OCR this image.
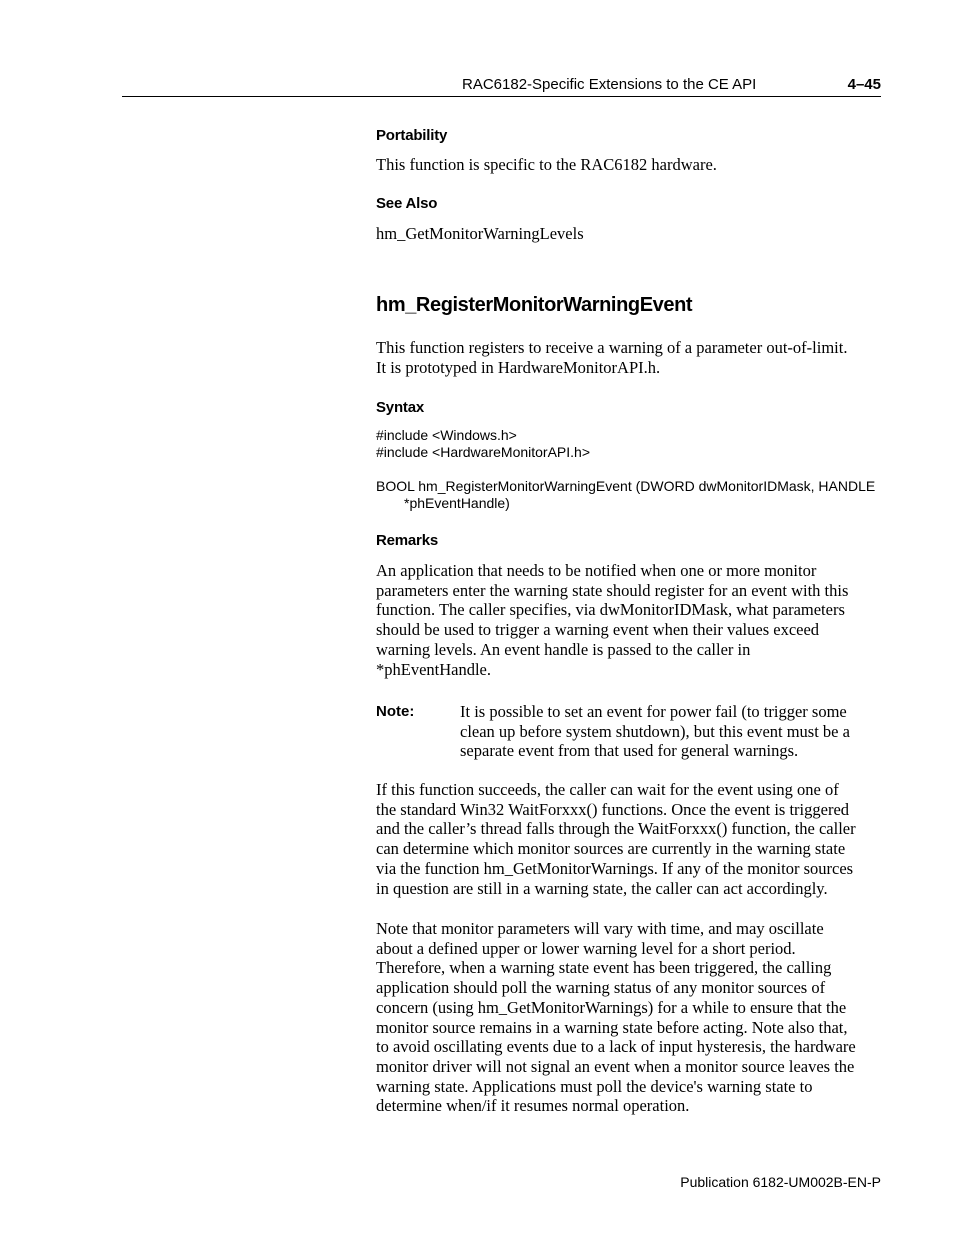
RAC6182-Specific Extensions to the CE API	4–45
Portability

This function is specific to the RAC6182 hardware.

See Also

hm_GetMonitorWarningLevels

hm_RegisterMonitorWarningEvent
This function registers to receive a warning of a parameter out-of-limit.
It is prototyped in HardwareMonitorAPI.h.
Syntax
#include <Windows.h>
#include <HardwareMonitorAPI.h>
BOOL hm_RegisterMonitorWarningEvent (DWORD dwMonitorIDMask, HANDLE
*phEventHandle)
Remarks
An application that needs to be notified when one or more monitor
parameters enter the warning state should register for an event with this
function. The caller specifies, via dwMonitorIDMask, what parameters
should be used to trigger a warning event when their values exceed
warning levels. An event handle is passed to the caller in
*phEventHandle.
Note:	It is possible to set an event for power fail (to trigger some
clean up before system shutdown), but this event must be a
separate event from that used for general warnings.
If this function succeeds, the caller can wait for the event using one of
the standard Win32 WaitForxxx() functions. Once the event is triggered
and the caller’s thread falls through the WaitForxxx() function, the caller
can determine which monitor sources are currently in the warning state
via the function hm_GetMonitorWarnings. If any of the monitor sources
in question are still in a warning state, the caller can act accordingly.
Note that monitor parameters will vary with time, and may oscillate
about a defined upper or lower warning level for a short period.
Therefore, when a warning state event has been triggered, the calling
application should poll the warning status of any monitor sources of
concern (using hm_GetMonitorWarnings) for a while to ensure that the
monitor source remains in a warning state before acting. Note also that,
to avoid oscillating events due to a lack of input hysteresis, the hardware
monitor driver will not signal an event when a monitor source leaves the
warning state. Applications must poll the device's warning state to
determine when/if it resumes normal operation.
Publication 6182-UM002B-EN-P
